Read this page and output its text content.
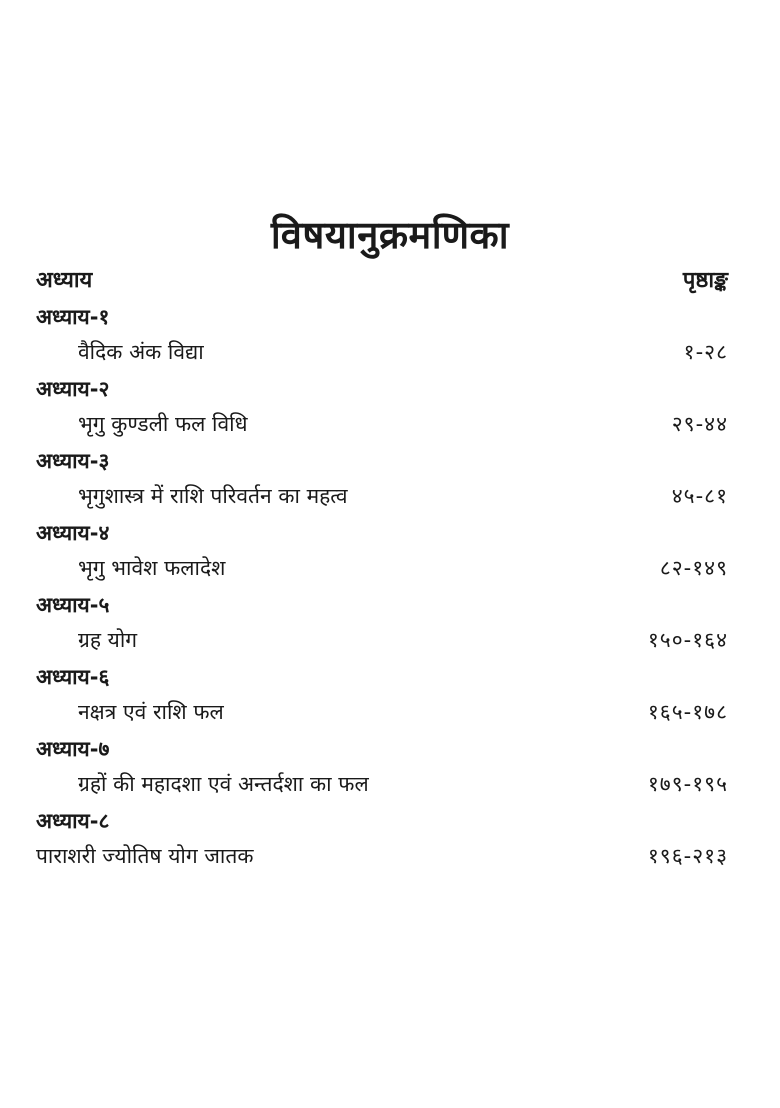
विषयानुक्रमणिका
अध्याय	पृष्ठाङ्क
अध्याय-१
वैदिक अंक विद्या	१-२८
अध्याय-२
भृगु कुण्डली फल विधि	२९-४४
अध्याय-३
भृगुशास्त्र में राशि परिवर्तन का महत्व	४५-८१
अध्याय-४
भृगु भावेश फलादेश	८२-१४९
अध्याय-५
ग्रह योग	१५०-१६४
अध्याय-६
नक्षत्र एवं राशि फल	१६५-१७८
अध्याय-७
ग्रहों की महादशा एवं अन्तर्दशा का फल	१७९-१९५
अध्याय-८
पाराशरी ज्योतिष योग जातक	१९६-२१३
